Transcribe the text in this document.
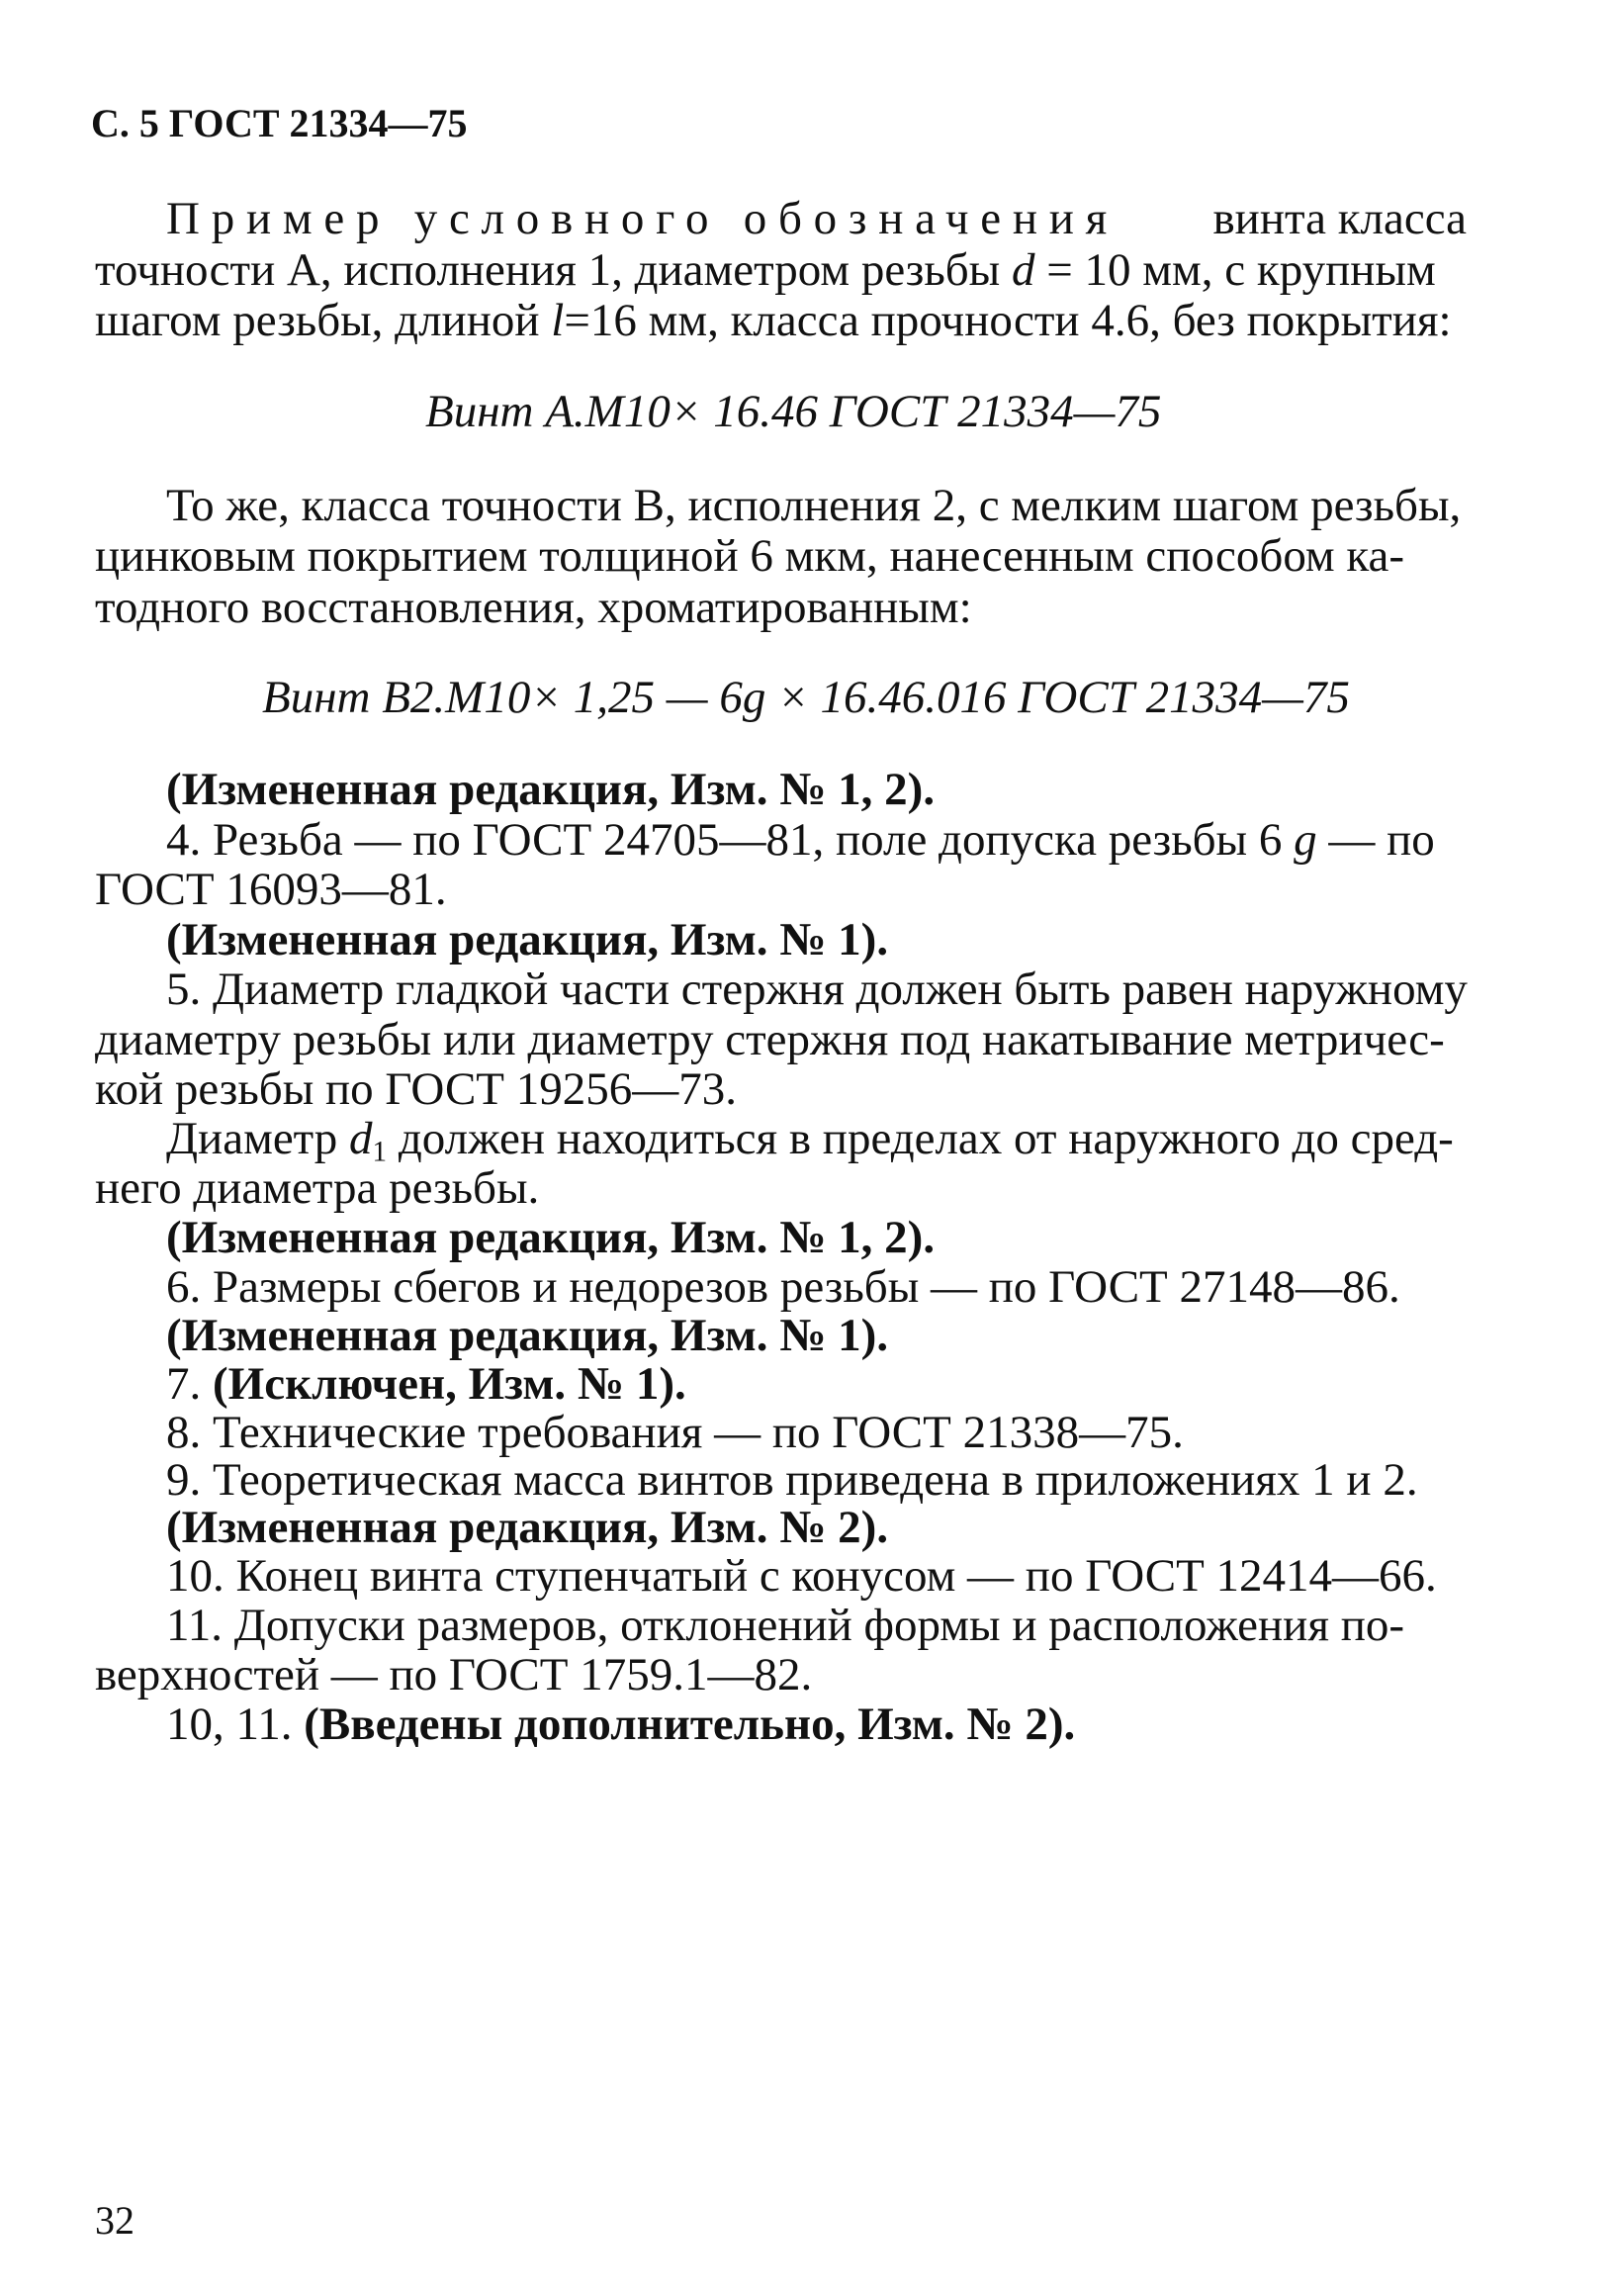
С. 5 ГОСТ 21334—75
Пример условного обозначения винта класса
точности А, исполнения 1, диаметром резьбы d = 10 мм, с крупным
шагом резьбы, длиной l=16 мм, класса прочности 4.6, без покрытия:
Винт А.М10× 16.46 ГОСТ 21334—75
То же, класса точности В, исполнения 2, с мелким шагом резьбы,
цинковым покрытием толщиной 6 мкм, нанесенным способом ка-
тодного восстановления, хроматированным:
Винт В2.М10× 1,25 — 6g × 16.46.016 ГОСТ 21334—75
(Измененная редакция, Изм. № 1, 2).
4. Резьба — по ГОСТ 24705—81, поле допуска резьбы 6 g — по
ГОСТ 16093—81.
(Измененная редакция, Изм. № 1).
5. Диаметр гладкой части стержня должен быть равен наружному
диаметру резьбы или диаметру стержня под накатывание метричес-
кой резьбы по ГОСТ 19256—73.
Диаметр $d_1$ должен находиться в пределах от наружного до сред-
него диаметра резьбы.
(Измененная редакция, Изм. № 1, 2).
6. Размеры сбегов и недорезов резьбы — по ГОСТ 27148—86.
(Измененная редакция, Изм. № 1).
7. (Исключен, Изм. № 1).
8. Технические требования — по ГОСТ 21338—75.
9. Теоретическая масса винтов приведена в приложениях 1 и 2.
(Измененная редакция, Изм. № 2).
10. Конец винта ступенчатый с конусом — по ГОСТ 12414—66.
11. Допуски размеров, отклонений формы и расположения по-
верхностей — по ГОСТ 1759.1—82.
10, 11. (Введены дополнительно, Изм. № 2).
32
